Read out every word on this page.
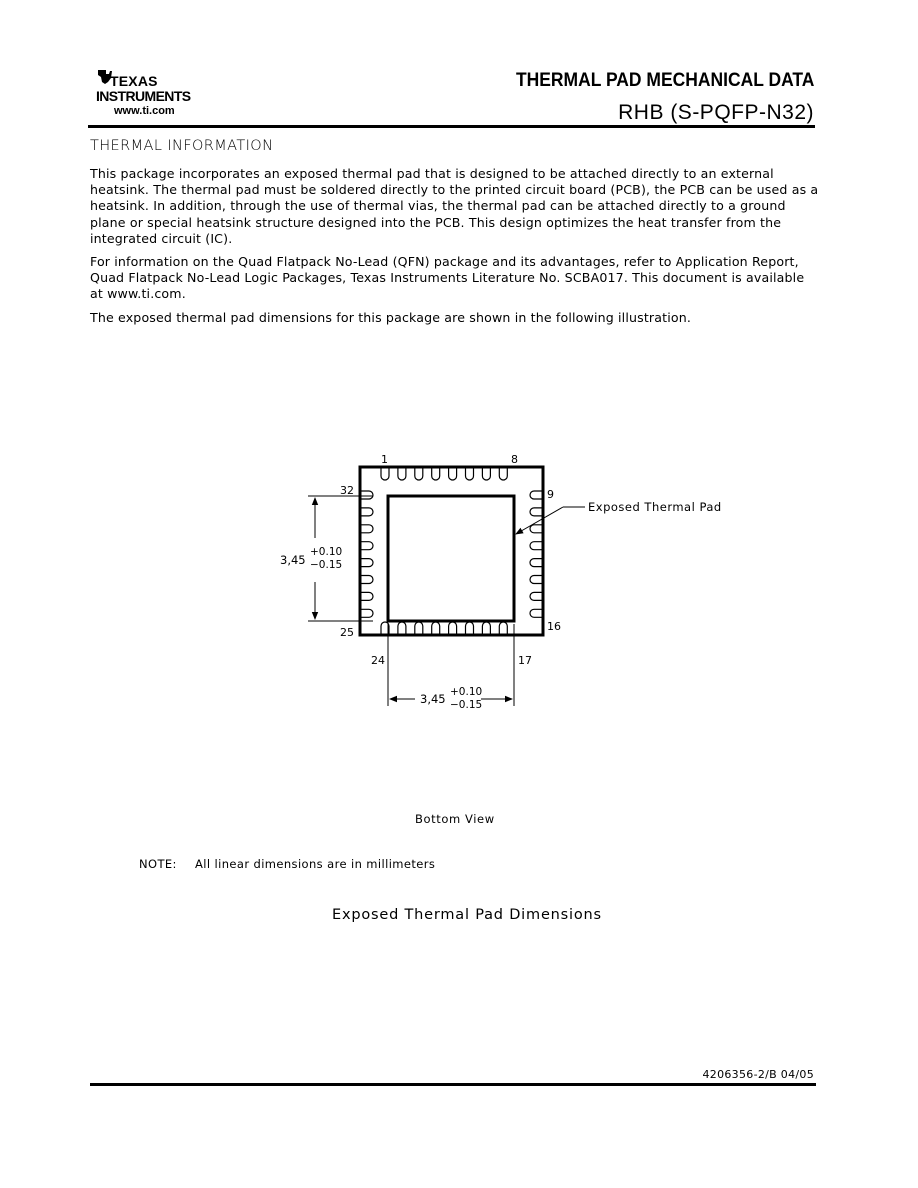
TEXAS
INSTRUMENTS
www.ti.com
THERMAL PAD MECHANICAL DATA
RHB (S-PQFP-N32)
THERMAL INFORMATION
This package incorporates an exposed thermal pad that is designed to be attached directly to an external heatsink. The thermal pad must be soldered directly to the printed circuit board (PCB), the PCB can be used as a heatsink. In addition, through the use of thermal vias, the thermal pad can be attached directly to a ground plane or special heatsink structure designed into the PCB. This design optimizes the heat transfer from the integrated circuit (IC).
For information on the Quad Flatpack No-Lead (QFN) package and its advantages, refer to Application Report, Quad Flatpack No-Lead Logic Packages, Texas Instruments Literature No. SCBA017. This document is available at www.ti.com.
The exposed thermal pad dimensions for this package are shown in the following illustration.
1	8
32
25
9
16
24	17
Exposed Thermal Pad
3,45
+0.10
−0.15
3,45 +0.10
−0.15
Bottom View
NOTE: All linear dimensions are in millimeters
Exposed Thermal Pad Dimensions
4206356-2/B 04/05
